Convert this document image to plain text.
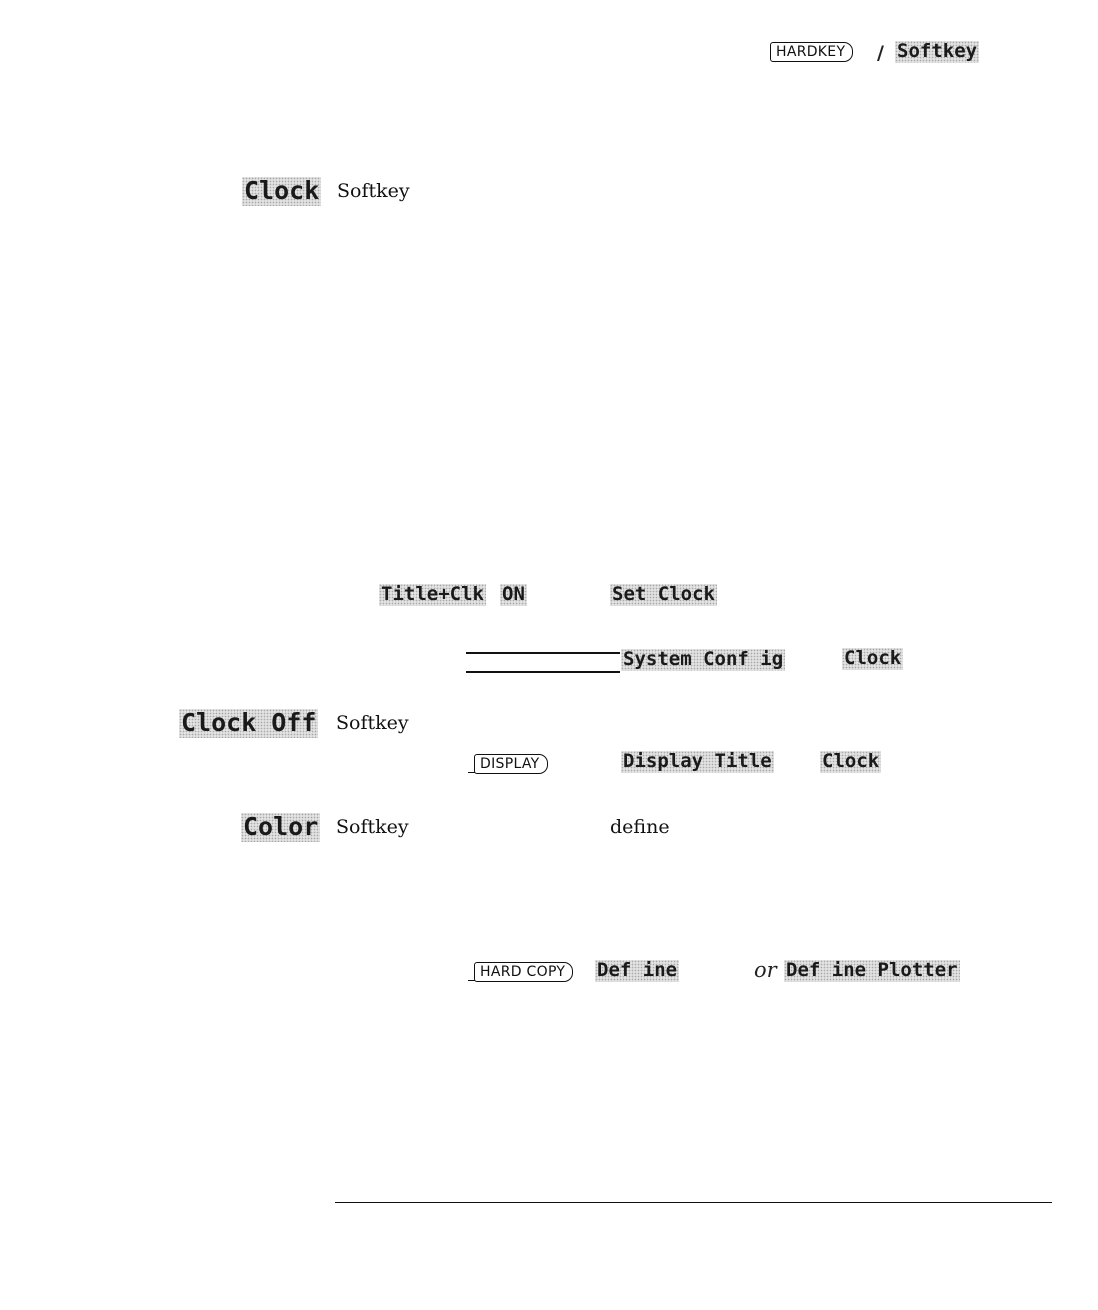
HARDKEY	/ Softkey
Clock Softkey
Title+Clk ON	Set Clock
System Conf ig	Clock
Clock Off Softkey
DISPLAY	Display Title	Clock
Color Softkey	define
HARD COPY	Def ine	or Def ine Plotter
